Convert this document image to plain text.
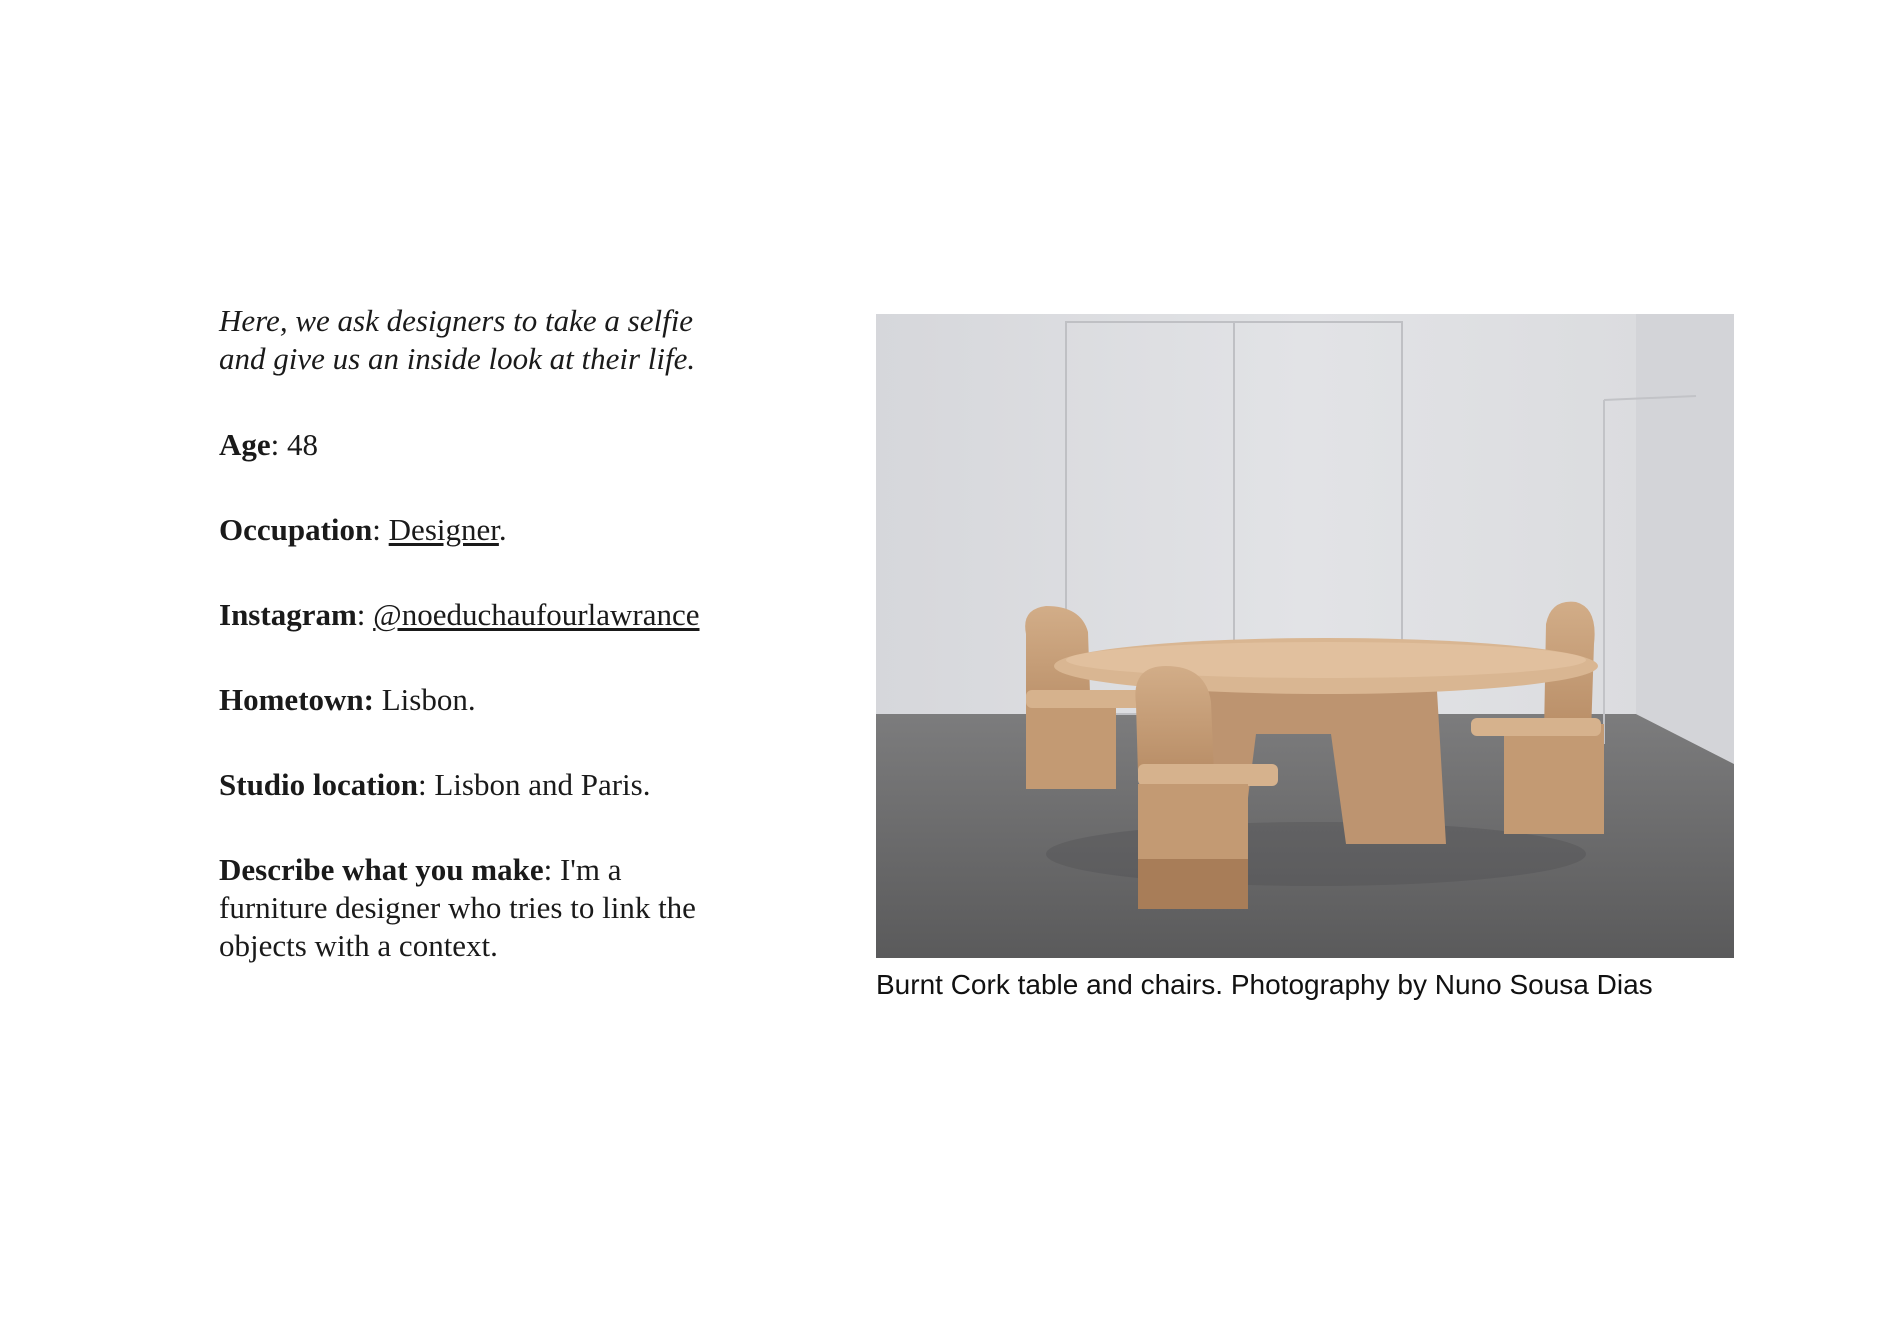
Here, we ask designers to take a selfie
and give us an inside look at their life.

Age: 48

Occupation: Designer.

Instagram: @noeduchaufourlawrance

Hometown: Lisbon.

Studio location: Lisbon and Paris.

Describe what you make: I'm a
furniture designer who tries to link the
objects with a context.

Burnt Cork table and chairs. Photography by Nuno Sousa Dias
